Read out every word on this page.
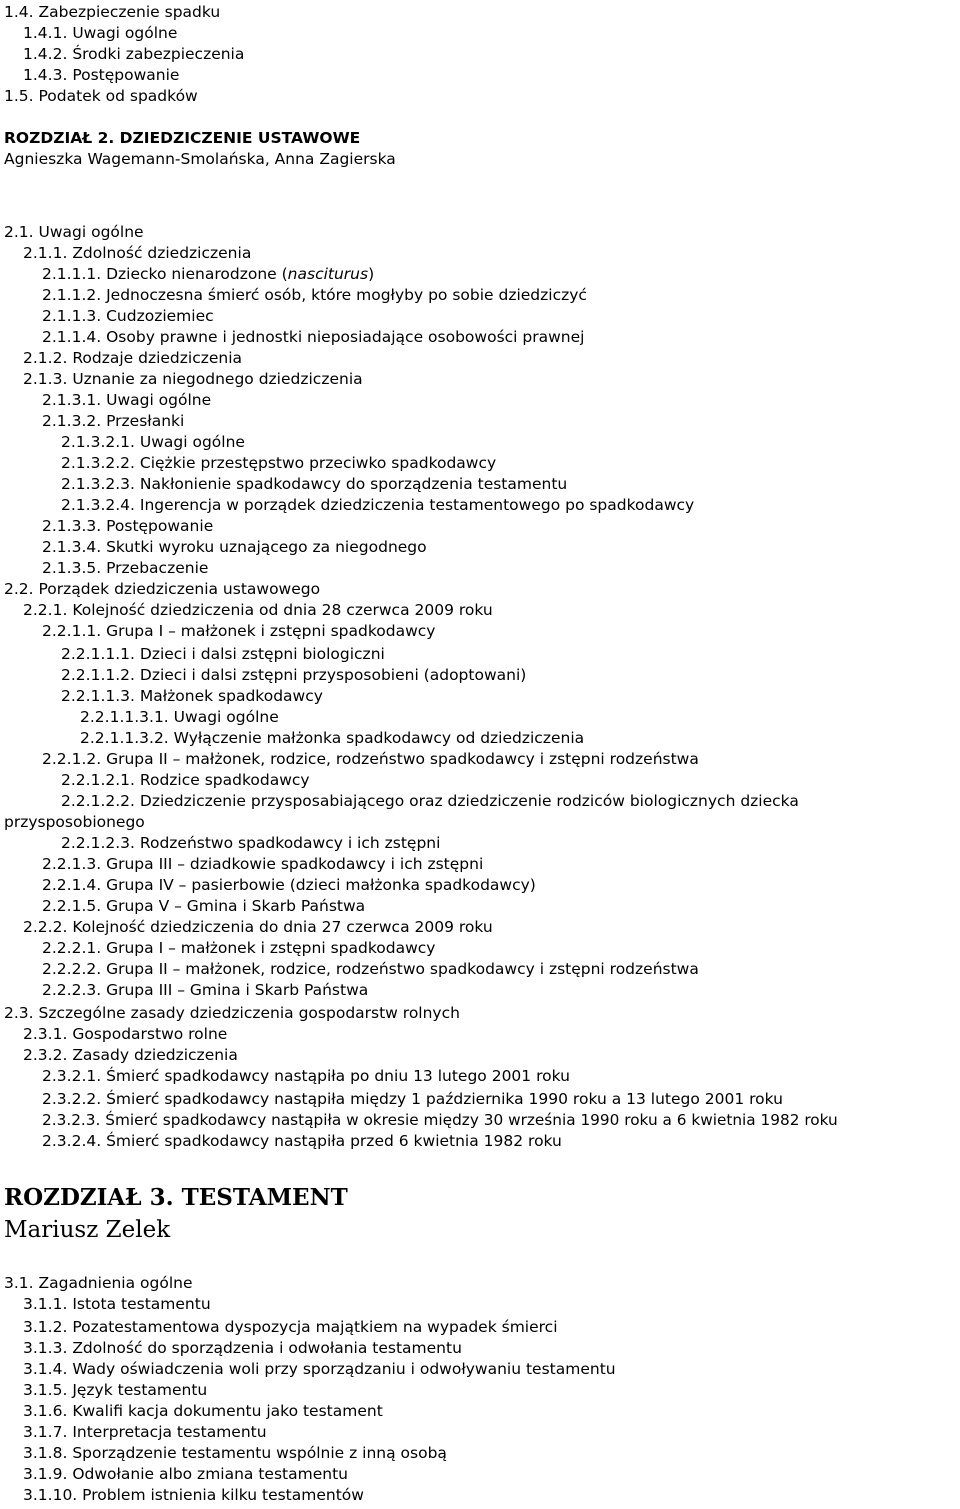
1.4. Zabezpieczenie spadku
1.4.1. Uwagi ogólne
1.4.2. Środki zabezpieczenia
1.4.3. Postępowanie
1.5. Podatek od spadków
ROZDZIAŁ 2. DZIEDZICZENIE USTAWOWE
Agnieszka Wagemann-Smolańska, Anna Zagierska
2.1. Uwagi ogólne
2.1.1. Zdolność dziedziczenia
2.1.1.1. Dziecko nienarodzone (nasciturus)
2.1.1.2. Jednoczesna śmierć osób, które mogłyby po sobie dziedziczyć
2.1.1.3. Cudzoziemiec
2.1.1.4. Osoby prawne i jednostki nieposiadające osobowości prawnej
2.1.2. Rodzaje dziedziczenia
2.1.3. Uznanie za niegodnego dziedziczenia
2.1.3.1. Uwagi ogólne
2.1.3.2. Przesłanki
2.1.3.2.1. Uwagi ogólne
2.1.3.2.2. Ciężkie przestępstwo przeciwko spadkodawcy
2.1.3.2.3. Nakłonienie spadkodawcy do sporządzenia testamentu
2.1.3.2.4. Ingerencja w porządek dziedziczenia testamentowego po spadkodawcy
2.1.3.3. Postępowanie
2.1.3.4. Skutki wyroku uznającego za niegodnego
2.1.3.5. Przebaczenie
2.2. Porządek dziedziczenia ustawowego
2.2.1. Kolejność dziedziczenia od dnia 28 czerwca 2009 roku
2.2.1.1. Grupa I – małżonek i zstępni spadkodawcy
2.2.1.1.1. Dzieci i dalsi zstępni biologiczni
2.2.1.1.2. Dzieci i dalsi zstępni przysposobieni (adoptowani)
2.2.1.1.3. Małżonek spadkodawcy
2.2.1.1.3.1. Uwagi ogólne
2.2.1.1.3.2. Wyłączenie małżonka spadkodawcy od dziedziczenia
2.2.1.2. Grupa II – małżonek, rodzice, rodzeństwo spadkodawcy i zstępni rodzeństwa
2.2.1.2.1. Rodzice spadkodawcy
2.2.1.2.2. Dziedziczenie przysposabiającego oraz dziedziczenie rodziców biologicznych dziecka
przysposobionego
2.2.1.2.3. Rodzeństwo spadkodawcy i ich zstępni
2.2.1.3. Grupa III – dziadkowie spadkodawcy i ich zstępni
2.2.1.4. Grupa IV – pasierbowie (dzieci małżonka spadkodawcy)
2.2.1.5. Grupa V – Gmina i Skarb Państwa
2.2.2. Kolejność dziedziczenia do dnia 27 czerwca 2009 roku
2.2.2.1. Grupa I – małżonek i zstępni spadkodawcy
2.2.2.2. Grupa II – małżonek, rodzice, rodzeństwo spadkodawcy i zstępni rodzeństwa
2.2.2.3. Grupa III – Gmina i Skarb Państwa
2.3. Szczególne zasady dziedziczenia gospodarstw rolnych
2.3.1. Gospodarstwo rolne
2.3.2. Zasady dziedziczenia
2.3.2.1. Śmierć spadkodawcy nastąpiła po dniu 13 lutego 2001 roku
2.3.2.2. Śmierć spadkodawcy nastąpiła między 1 października 1990 roku a 13 lutego 2001 roku
2.3.2.3. Śmierć spadkodawcy nastąpiła w okresie między 30 września 1990 roku a 6 kwietnia 1982 roku
2.3.2.4. Śmierć spadkodawcy nastąpiła przed 6 kwietnia 1982 roku
ROZDZIAŁ 3. TESTAMENT
Mariusz Zelek
3.1. Zagadnienia ogólne
3.1.1. Istota testamentu
3.1.2. Pozatestamentowa dyspozycja majątkiem na wypadek śmierci
3.1.3. Zdolność do sporządzenia i odwołania testamentu
3.1.4. Wady oświadczenia woli przy sporządzaniu i odwoływaniu testamentu
3.1.5. Język testamentu
3.1.6. Kwalifi kacja dokumentu jako testament
3.1.7. Interpretacja testamentu
3.1.8. Sporządzenie testamentu wspólnie z inną osobą
3.1.9. Odwołanie albo zmiana testamentu
3.1.10. Problem istnienia kilku testamentów
